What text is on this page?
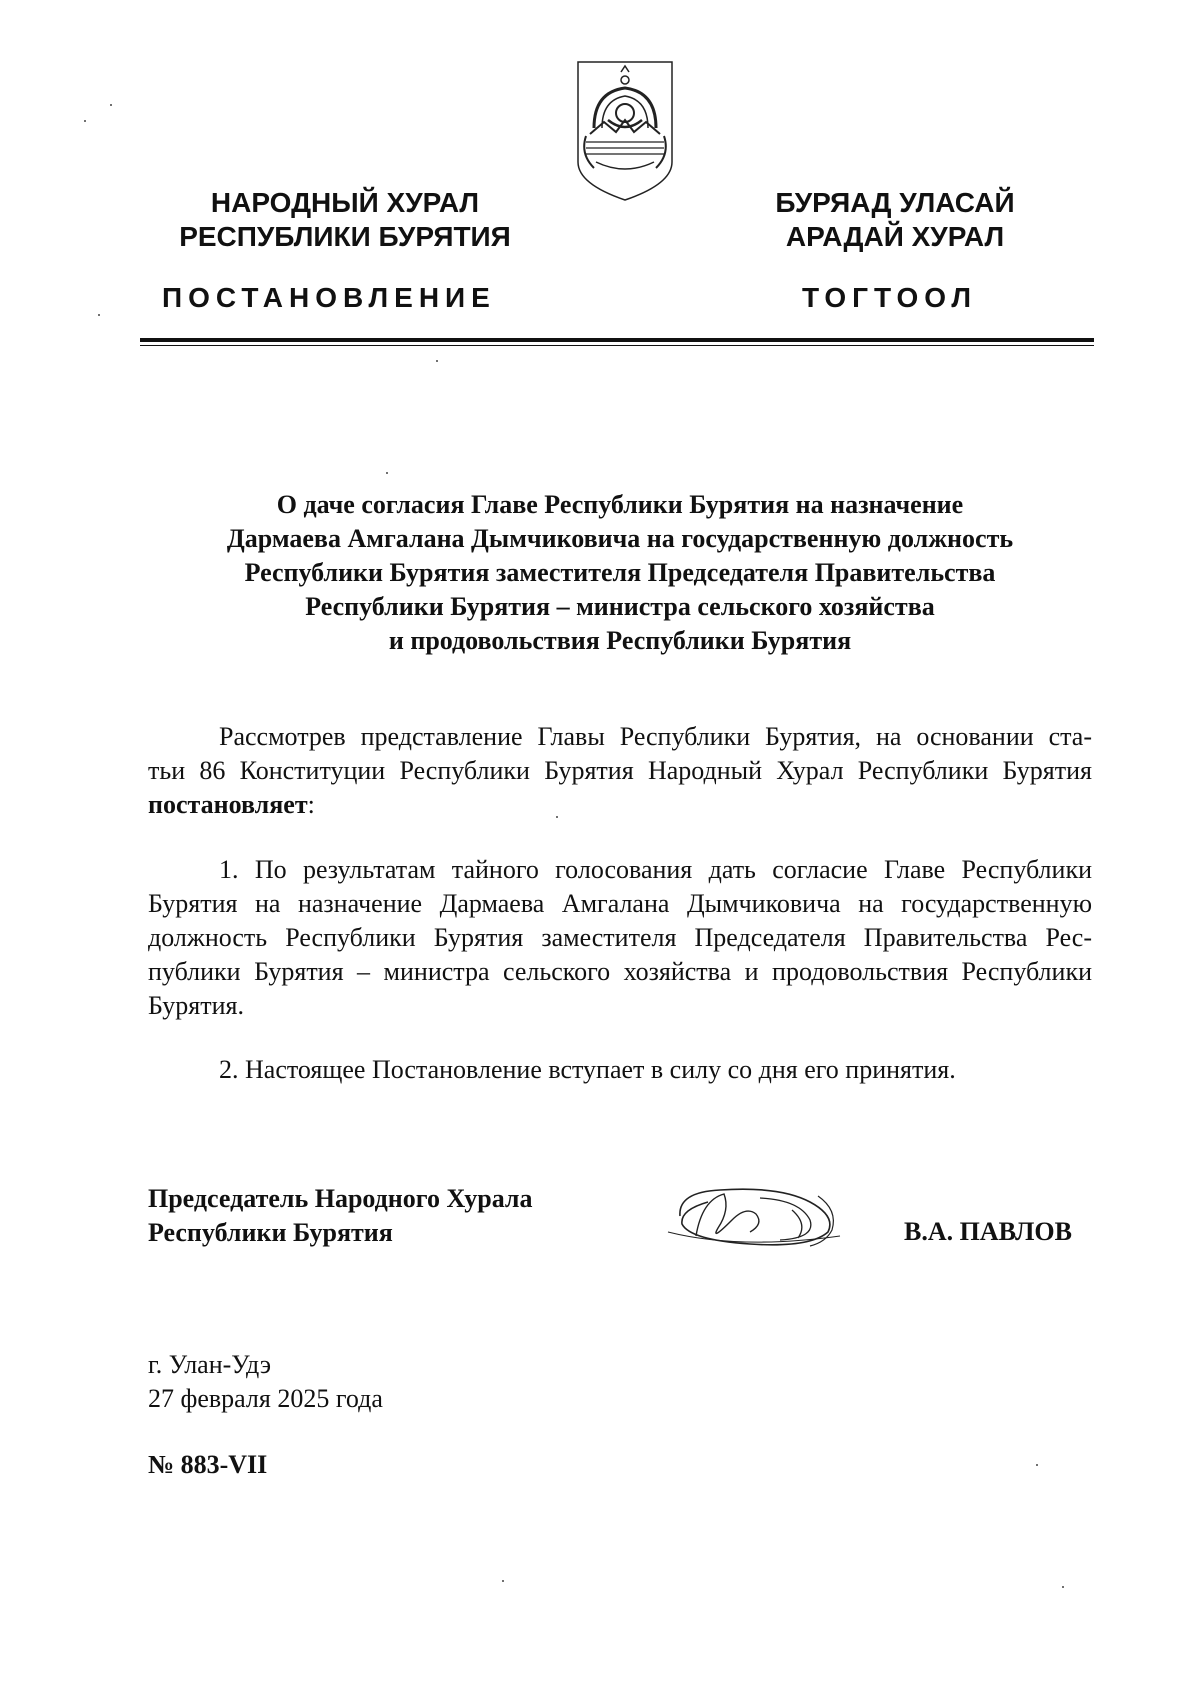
НАРОДНЫЙ ХУРАЛ
РЕСПУБЛИКИ БУРЯТИЯ
БУРЯАД УЛАСАЙ
АРАДАЙ ХУРАЛ
ПОСТАНОВЛЕНИЕ	ТОГТООЛ
О даче согласия Главе Республики Бурятия на назначение
Дармаева Амгалана Дымчиковича на государственную должность
Республики Бурятия заместителя Председателя Правительства
Республики Бурятия – министра сельского хозяйства
и продовольствия Республики Бурятия
Рассмотрев представление Главы Республики Бурятия, на основании ста-
тьи 86 Конституции Республики Бурятия Народный Хурал Республики Бурятия
постановляет:
1. По результатам тайного голосования дать согласие Главе Республики
Бурятия на назначение Дармаева Амгалана Дымчиковича на государственную
должность Республики Бурятия заместителя Председателя Правительства Рес-
публики Бурятия – министра сельского хозяйства и продовольствия Республики
Бурятия.
2. Настоящее Постановление вступает в силу со дня его принятия.
Председатель Народного Хурала
Республики Бурятия	В.А. ПАВЛОВ
г. Улан-Удэ
27 февраля 2025 года
№ 883-VII
